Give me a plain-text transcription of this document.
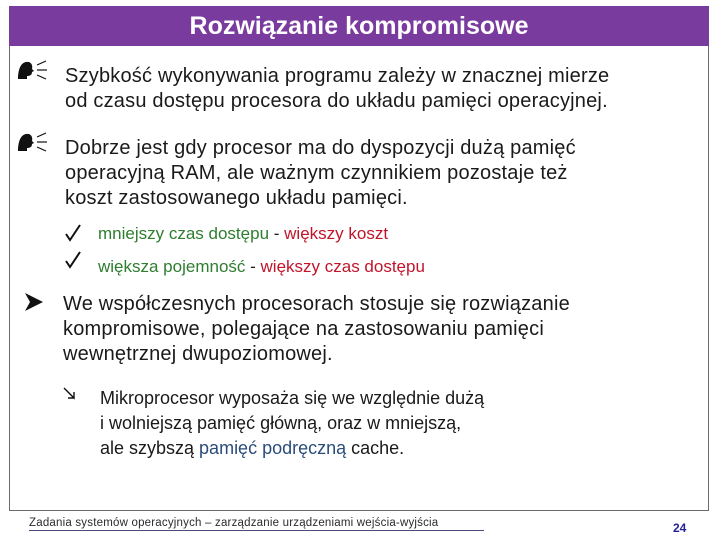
Rozwiązanie kompromisowe
Szybkość wykonywania programu zależy w znacznej mierze
od czasu dostępu procesora do układu pamięci operacyjnej.
Dobrze jest gdy procesor ma do dyspozycji dużą pamięć
operacyjną RAM, ale ważnym czynnikiem pozostaje też
koszt zastosowanego układu pamięci.
mniejszy czas dostępu - większy koszt
większa pojemność - większy czas dostępu
We współczesnych procesorach stosuje się rozwiązanie
kompromisowe, polegające na zastosowaniu pamięci
wewnętrznej dwupoziomowej.
Mikroprocesor wyposaża się we względnie dużą
i wolniejszą pamięć główną, oraz w mniejszą,
ale szybszą pamięć podręczną cache.
Zadania systemów operacyjnych – zarządzanie urządzeniami wejścia-wyjścia	24
